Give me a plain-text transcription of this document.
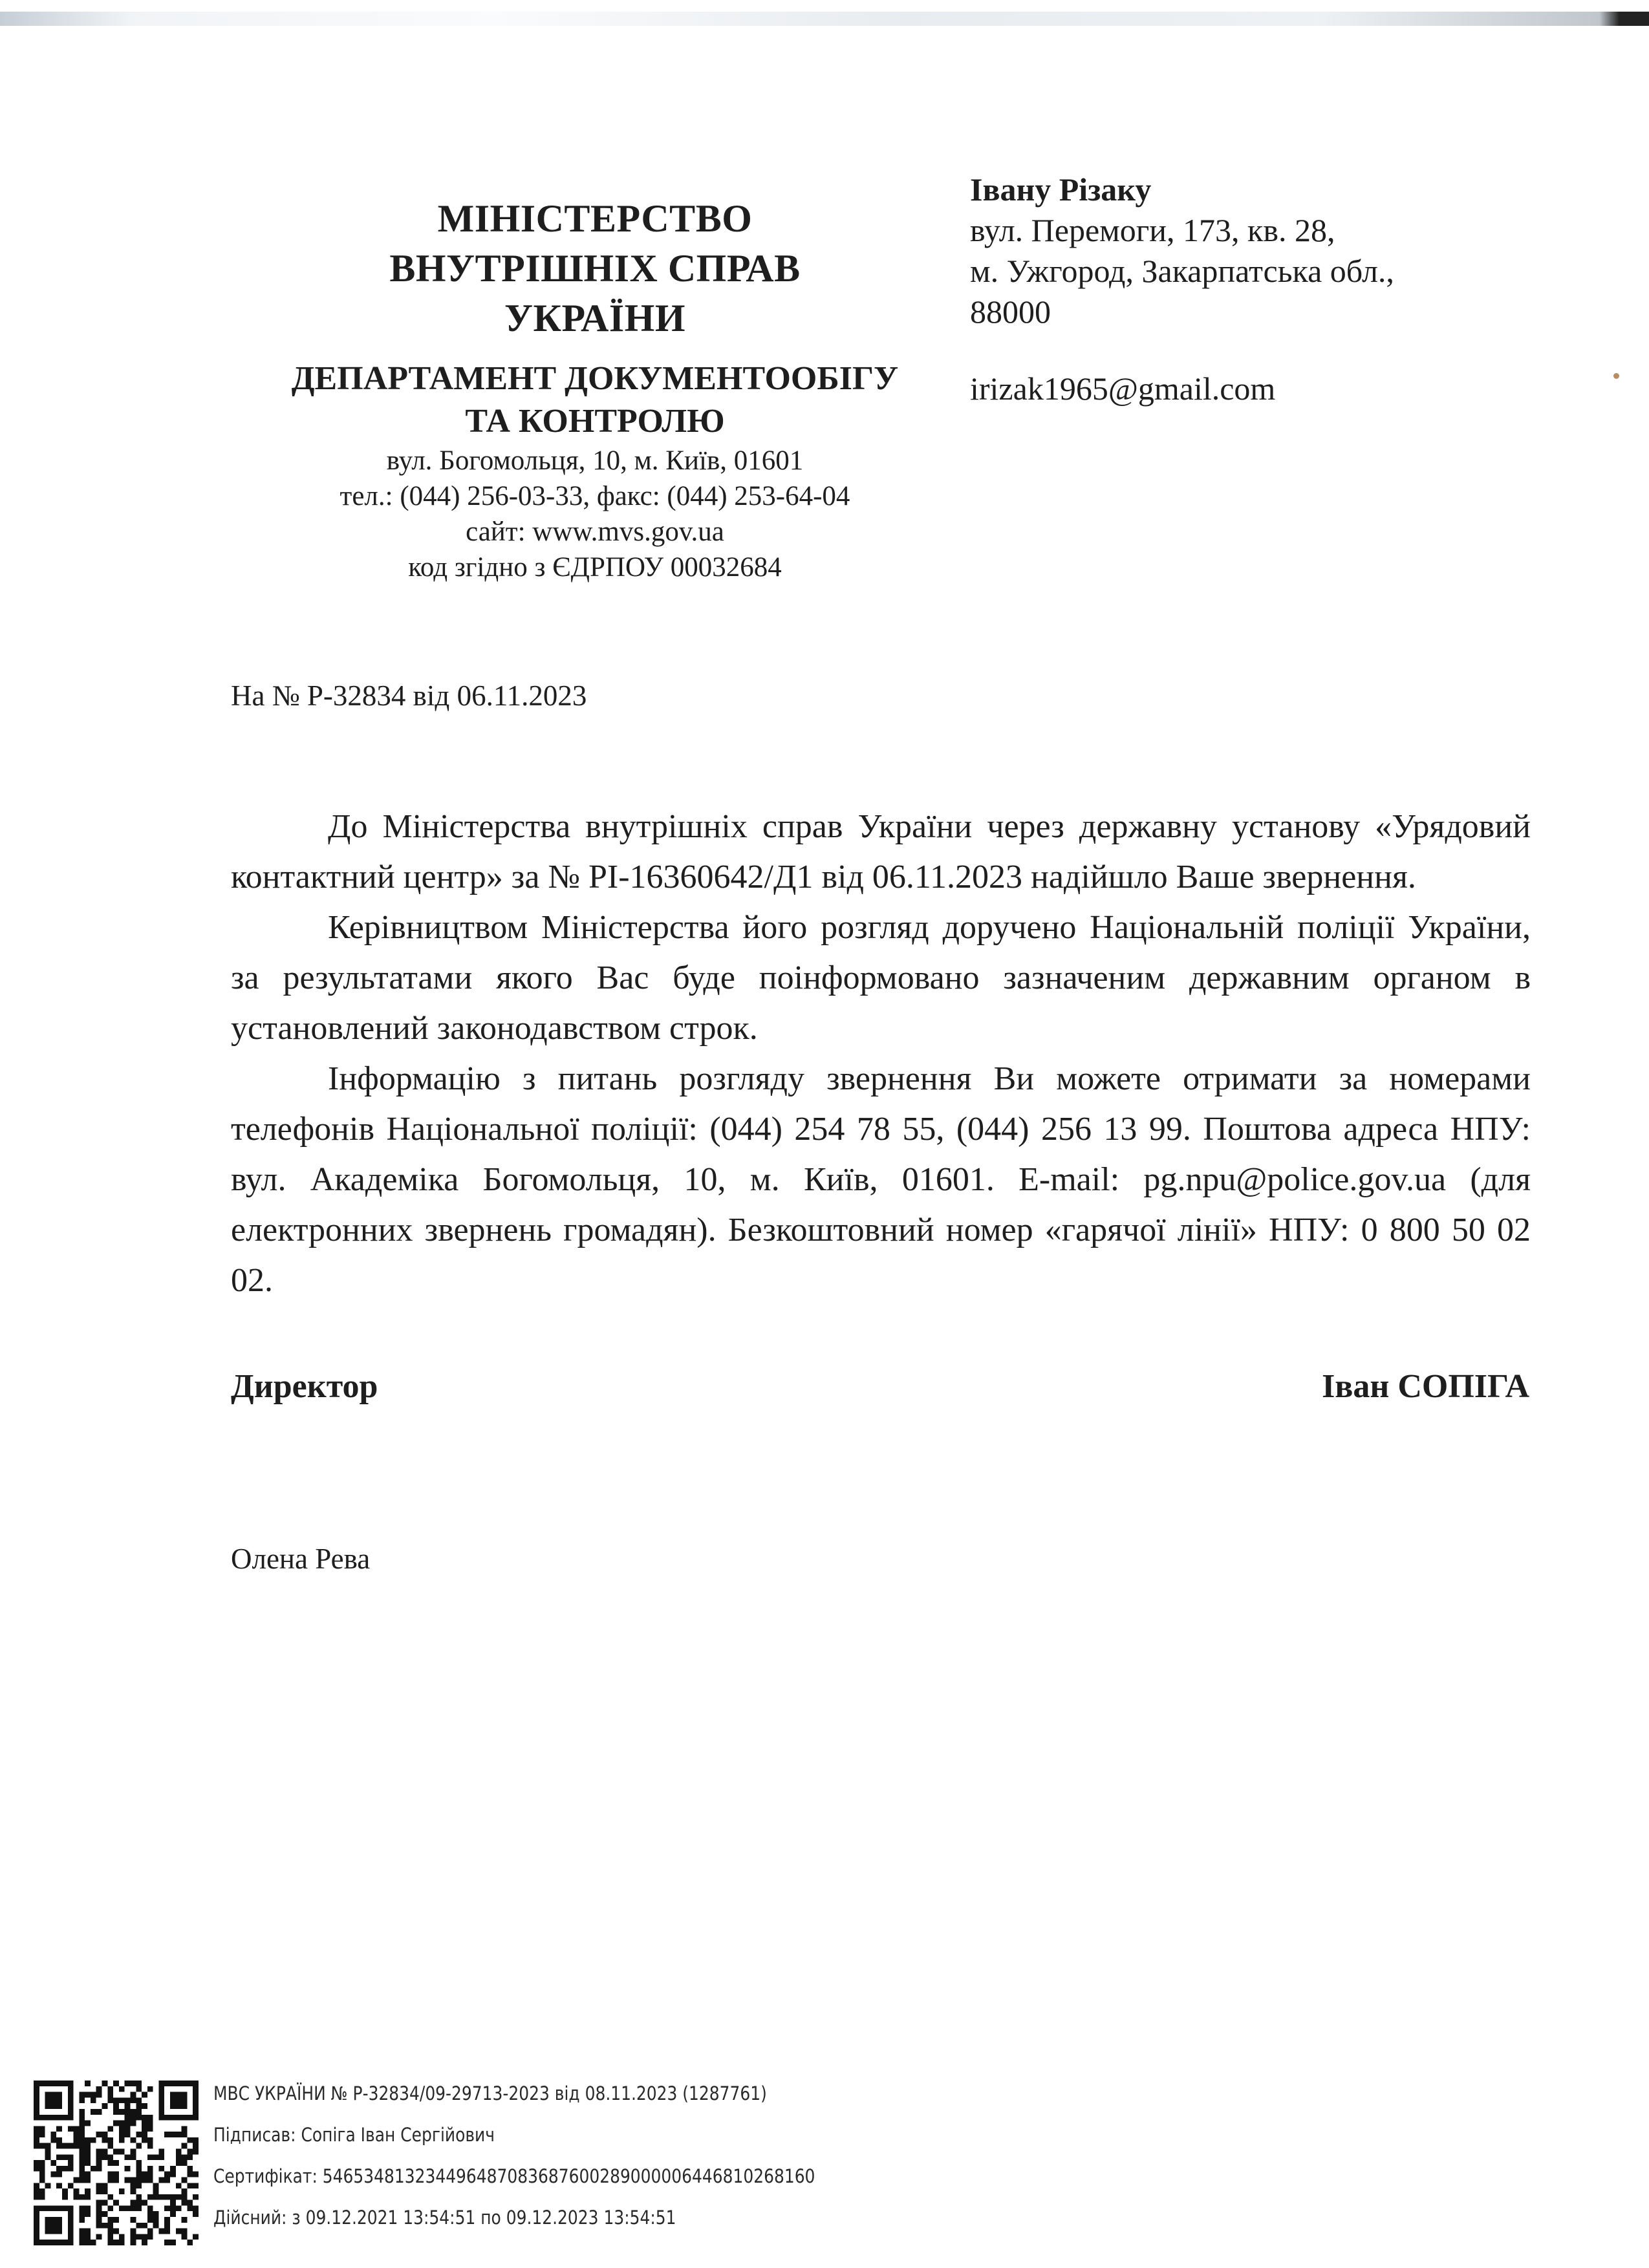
МІНІСТЕРСТВО
ВНУТРІШНІХ СПРАВ
УКРАЇНИ
ДЕПАРТАМЕНТ ДОКУМЕНТООБІГУ
ТА КОНТРОЛЮ
вул. Богомольця, 10, м. Київ, 01601
тел.: (044) 256-03-33, факс: (044) 253-64-04
сайт: www.mvs.gov.ua
код згідно з ЄДРПОУ 00032684
Івану Різаку
вул. Перемоги, 173, кв. 28,
м. Ужгород, Закарпатська обл.,
88000
irizak1965@gmail.com
На № Р-32834 від 06.11.2023

До Міністерства внутрішніх справ України через державну установу «Урядовий контактний центр» за № РІ-16360642/Д1 від 06.11.2023 надійшло Ваше звернення.

Керівництвом Міністерства його розгляд доручено Національній поліції України, за результатами якого Вас буде поінформовано зазначеним державним органом в установлений законодавством строк.

Інформацію з питань розгляду звернення Ви можете отримати за номерами телефонів Національної поліції: (044) 254 78 55, (044) 256 13 99. Поштова адреса НПУ: вул. Академіка Богомольця, 10, м. Київ, 01601. E-mail: pg.npu@police.gov.ua (для електронних звернень громадян). Безкоштовний номер «гарячої лінії» НПУ: 0 800 50 02 02.

Директор	Іван СОПІГА
Олена Рева
МВС УКРАЇНИ № Р-32834/09-29713-2023 від 08.11.2023 (1287761)
Підписав: Сопіга Іван Сергійович
Сертифікат: 546534813234496487083687600289000006446810268160
Дійсний: з 09.12.2021 13:54:51 по 09.12.2023 13:54:51
